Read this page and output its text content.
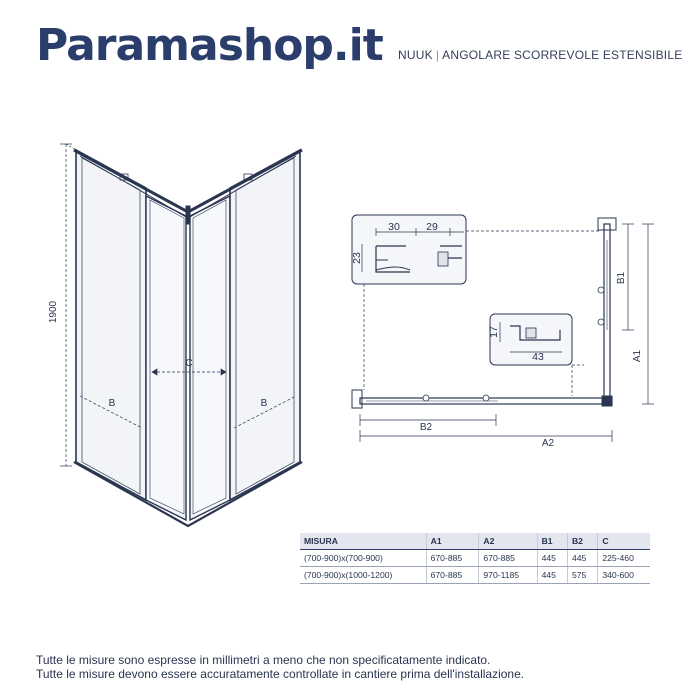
Paramashop.it NUUK | ANGOLARE SCORREVOLE ESTENSIBILE
1900
B	B
C
A1
B1
B2
A2
30	29
23
17
43
MISURA	A1	A2	B1	B2	C
(700-900)x(700-900)	670-885	670-885	445	445	225-460
(700-900)x(1000-1200)	670-885	970-1185	445	575	340-600
Tutte le misure sono espresse in millimetri a meno che non specificatamente indicato.
Tutte le misure devono essere accuratamente controllate in cantiere prima dell'installazione.
